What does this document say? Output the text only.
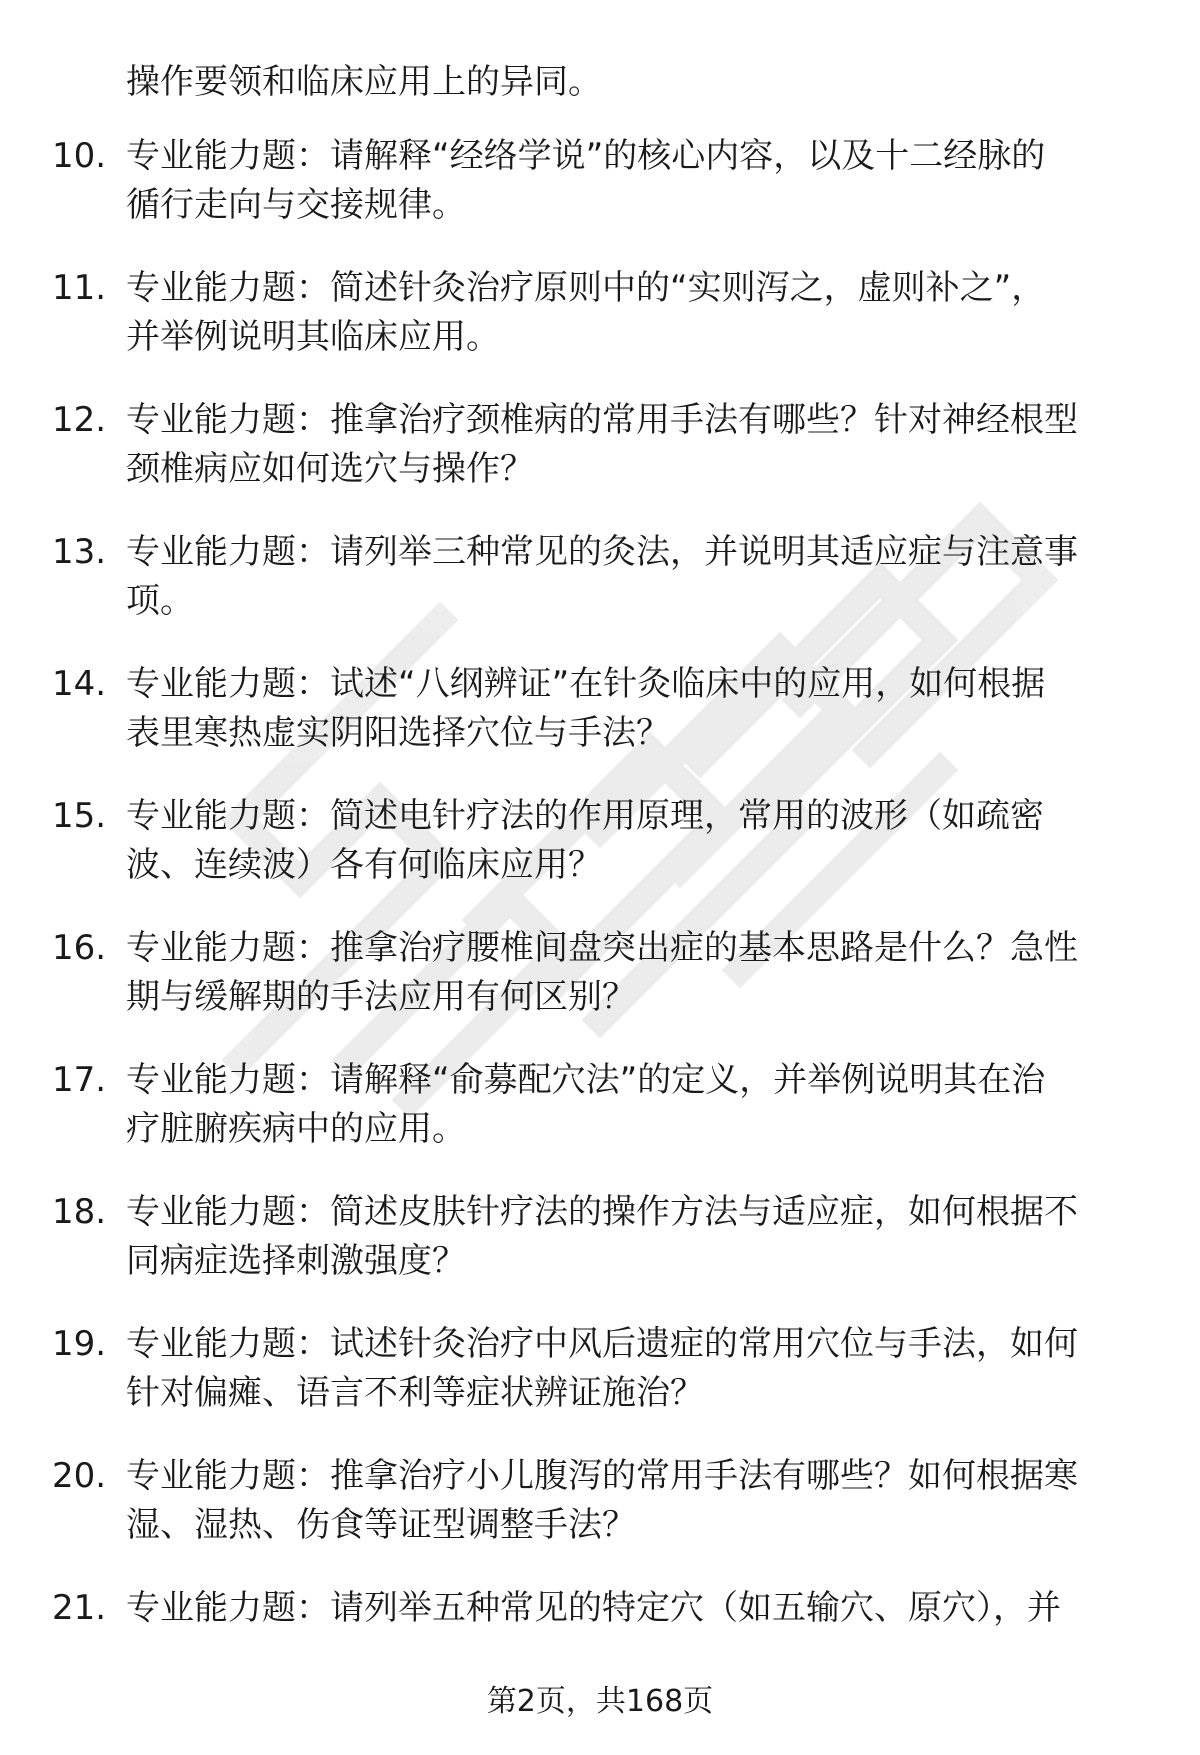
操作要领和临床应用上的异同。
10. 专业能力题：请解释“经络学说”的核心内容，以及十二经脉的
循行走向与交接规律。
11. 专业能力题：简述针灸治疗原则中的“实则泻之，虚则补之”，
并举例说明其临床应用。
12. 专业能力题：推拿治疗颈椎病的常用手法有哪些？针对神经根型
颈椎病应如何选穴与操作？
13. 专业能力题：请列举三种常见的灸法，并说明其适应症与注意事
项。
14. 专业能力题：试述“八纲辨证”在针灸临床中的应用，如何根据
表里寒热虚实阴阳选择穴位与手法？
15. 专业能力题：简述电针疗法的作用原理，常用的波形（如疏密
波、连续波）各有何临床应用？
16. 专业能力题：推拿治疗腰椎间盘突出症的基本思路是什么？急性
期与缓解期的手法应用有何区别？
17. 专业能力题：请解释“俞募配穴法”的定义，并举例说明其在治
疗脏腑疾病中的应用。
18. 专业能力题：简述皮肤针疗法的操作方法与适应症，如何根据不
同病症选择刺激强度？
19. 专业能力题：试述针灸治疗中风后遗症的常用穴位与手法，如何
针对偏瘫、语言不利等症状辨证施治？
20. 专业能力题：推拿治疗小儿腹泻的常用手法有哪些？如何根据寒
湿、湿热、伤食等证型调整手法？
21. 专业能力题：请列举五种常见的特定穴（如五输穴、原穴），并
第2页，共168页
